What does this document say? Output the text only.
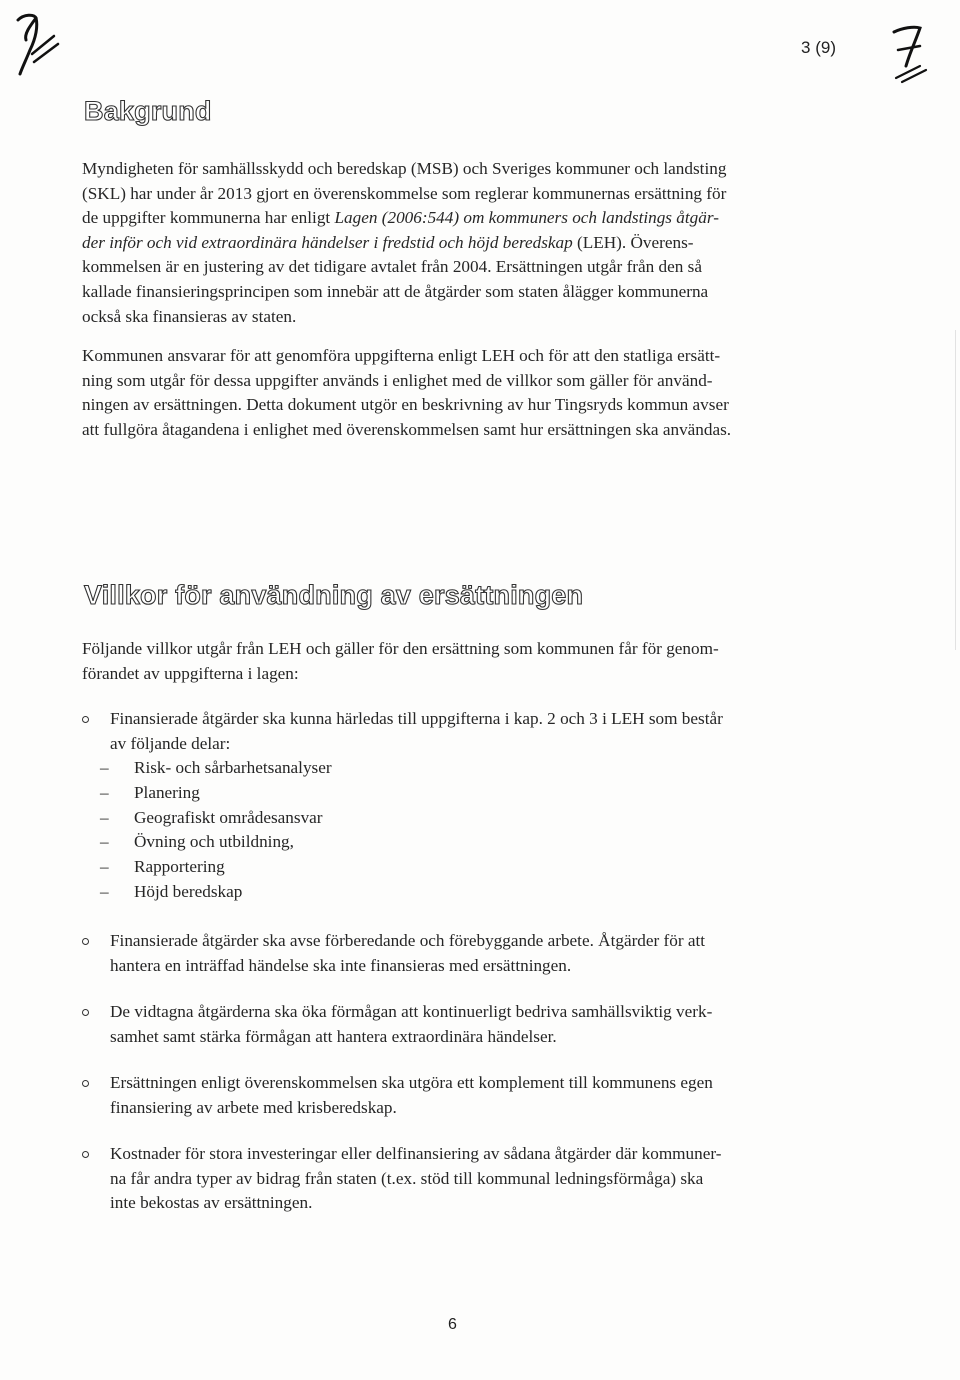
3 (9)
Bakgrund

Myndigheten för samhällsskydd och beredskap (MSB) och Sveriges kommuner och landsting
(SKL) har under år 2013 gjort en överenskommelse som reglerar kommunernas ersättning för
de uppgifter kommunerna har enligt Lagen (2006:544) om kommuners och landstings åtgär-
der inför och vid extraordinära händelser i fredstid och höjd beredskap (LEH). Överens-
kommelsen är en justering av det tidigare avtalet från 2004. Ersättningen utgår från den så
kallade finansieringsprincipen som innebär att de åtgärder som staten ålägger kommunerna
också ska finansieras av staten.

Kommunen ansvarar för att genomföra uppgifterna enligt LEH och för att den statliga ersätt-
ning som utgår för dessa uppgifter används i enlighet med de villkor som gäller för använd-
ningen av ersättningen. Detta dokument utgör en beskrivning av hur Tingsryds kommun avser
att fullgöra åtagandena i enlighet med överenskommelsen samt hur ersättningen ska användas.

Villkor för användning av ersättningen

Följande villkor utgår från LEH och gäller för den ersättning som kommunen får för genom-
förandet av uppgifterna i lagen:

Finansierade åtgärder ska kunna härledas till uppgifterna i kap. 2 och 3 i LEH som består
av följande delar:
– Risk- och sårbarhetsanalyser
– Planering
– Geografiskt områdesansvar
– Övning och utbildning,
– Rapportering
– Höjd beredskap
Finansierade åtgärder ska avse förberedande och förebyggande arbete. Åtgärder för att
hantera en inträffad händelse ska inte finansieras med ersättningen.
De vidtagna åtgärderna ska öka förmågan att kontinuerligt bedriva samhällsviktig verk-
samhet samt stärka förmågan att hantera extraordinära händelser.
Ersättningen enligt överenskommelsen ska utgöra ett komplement till kommunens egen
finansiering av arbete med krisberedskap.
Kostnader för stora investeringar eller delfinansiering av sådana åtgärder där kommuner-
na får andra typer av bidrag från staten (t.ex. stöd till kommunal ledningsförmåga) ska
inte bekostas av ersättningen.
6
